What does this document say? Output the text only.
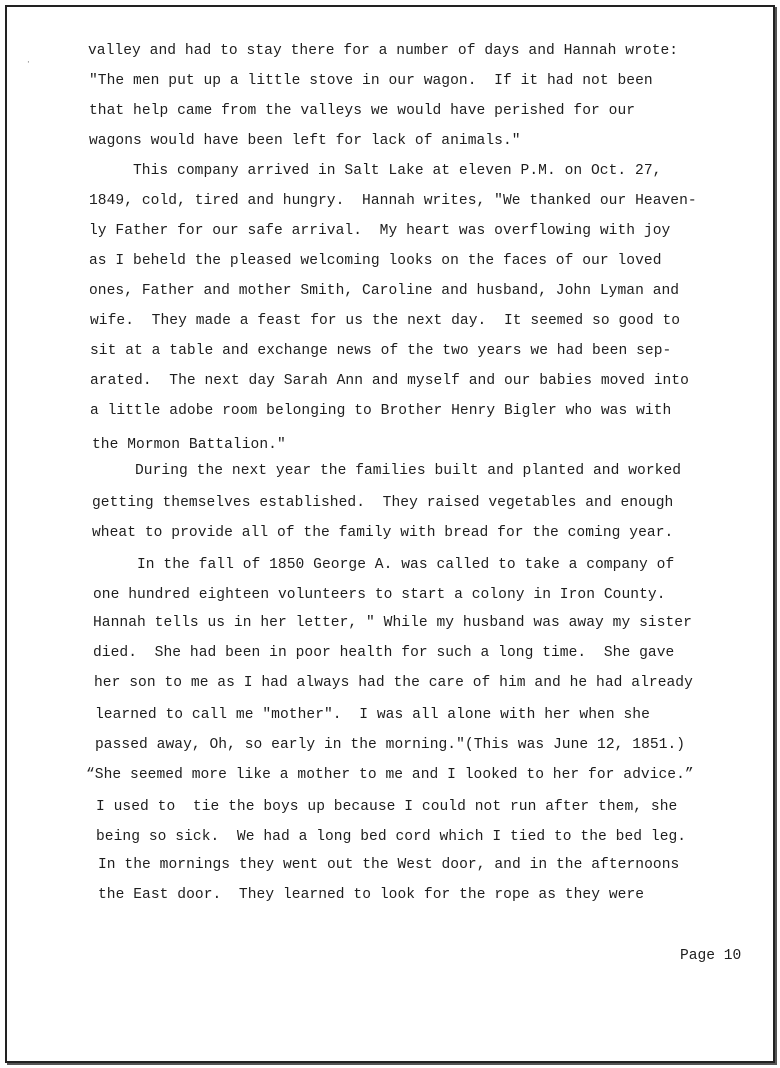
·
valley and had to stay there for a number of days and Hannah wrote:
"The men put up a little stove in our wagon.  If it had not been
that help came from the valleys we would have perished for our
wagons would have been left for lack of animals."
This company arrived in Salt Lake at eleven P.M. on Oct. 27,
1849, cold, tired and hungry.  Hannah writes, "We thanked our Heaven-
ly Father for our safe arrival.  My heart was overflowing with joy
as I beheld the pleased welcoming looks on the faces of our loved
ones, Father and mother Smith, Caroline and husband, John Lyman and
wife.  They made a feast for us the next day.  It seemed so good to
sit at a table and exchange news of the two years we had been sep-
arated.  The next day Sarah Ann and myself and our babies moved into
a little adobe room belonging to Brother Henry Bigler who was with
the Mormon Battalion."
During the next year the families built and planted and worked
getting themselves established.  They raised vegetables and enough
wheat to provide all of the family with bread for the coming year.
In the fall of 1850 George A. was called to take a company of
one hundred eighteen volunteers to start a colony in Iron County.
Hannah tells us in her letter, " While my husband was away my sister
died.  She had been in poor health for such a long time.  She gave
her son to me as I had always had the care of him and he had already
learned to call me "mother".  I was all alone with her when she
passed away, Oh, so early in the morning."(This was June 12, 1851.)
“She seemed more like a mother to me and I looked to her for advice.”
I used to  tie the boys up because I could not run after them, she
being so sick.  We had a long bed cord which I tied to the bed leg.
In the mornings they went out the West door, and in the afternoons
the East door.  They learned to look for the rope as they were
Page 10
